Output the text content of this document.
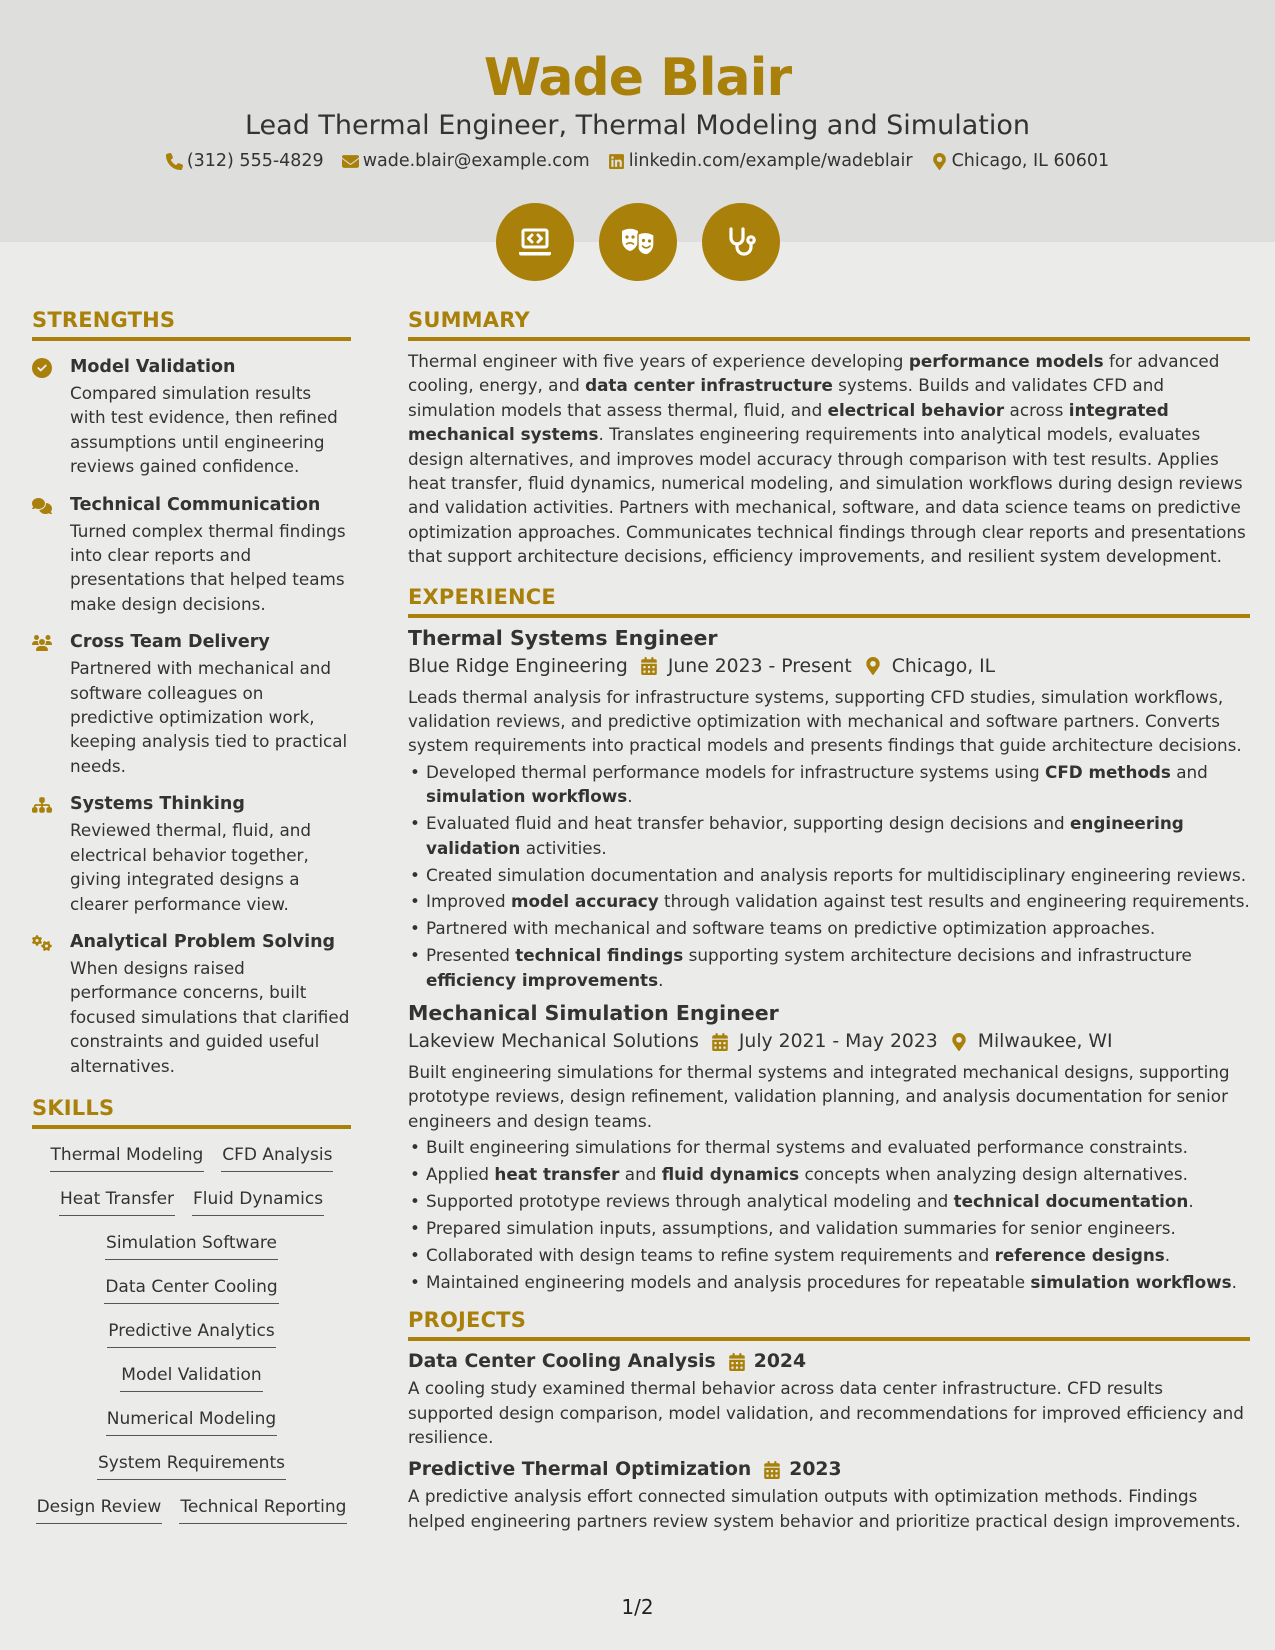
Wade Blair
Lead Thermal Engineer, Thermal Modeling and Simulation
(312) 555-4829 wade.blair@example.com linkedin.com/example/wadeblair Chicago, IL 60601
STRENGTHS
Model Validation
Compared simulation results with test evidence, then refined assumptions until engineering reviews gained confidence.
Technical Communication
Turned complex thermal findings into clear reports and presentations that helped teams make design decisions.
Cross Team Delivery
Partnered with mechanical and software colleagues on predictive optimization work, keeping analysis tied to practical needs.
Systems Thinking
Reviewed thermal, fluid, and electrical behavior together, giving integrated designs a clearer performance view.
Analytical Problem Solving
When designs raised performance concerns, built focused simulations that clarified constraints and guided useful alternatives.
SKILLS
Thermal Modeling CFD Analysis
Heat Transfer Fluid Dynamics
Simulation Software
Data Center Cooling
Predictive Analytics
Model Validation
Numerical Modeling
System Requirements
Design Review Technical Reporting
SUMMARY
Thermal engineer with five years of experience developing performance models for advanced cooling, energy, and data center infrastructure systems. Builds and validates CFD and simulation models that assess thermal, fluid, and electrical behavior across integrated mechanical systems. Translates engineering requirements into analytical models, evaluates design alternatives, and improves model accuracy through comparison with test results. Applies heat transfer, fluid dynamics, numerical modeling, and simulation workflows during design reviews and validation activities. Partners with mechanical, software, and data science teams on predictive optimization approaches. Communicates technical findings through clear reports and presentations that support architecture decisions, efficiency improvements, and resilient system development.
EXPERIENCE
Thermal Systems Engineer
Blue Ridge Engineering June 2023 - Present Chicago, IL
Leads thermal analysis for infrastructure systems, supporting CFD studies, simulation workflows, validation reviews, and predictive optimization with mechanical and software partners. Converts system requirements into practical models and presents findings that guide architecture decisions.
• Developed thermal performance models for infrastructure systems using CFD methods and simulation workflows.
• Evaluated fluid and heat transfer behavior, supporting design decisions and engineering validation activities.
• Created simulation documentation and analysis reports for multidisciplinary engineering reviews.
• Improved model accuracy through validation against test results and engineering requirements.
• Partnered with mechanical and software teams on predictive optimization approaches.
• Presented technical findings supporting system architecture decisions and infrastructure efficiency improvements.
Mechanical Simulation Engineer
Lakeview Mechanical Solutions July 2021 - May 2023 Milwaukee, WI
Built engineering simulations for thermal systems and integrated mechanical designs, supporting prototype reviews, design refinement, validation planning, and analysis documentation for senior engineers and design teams.
• Built engineering simulations for thermal systems and evaluated performance constraints.
• Applied heat transfer and fluid dynamics concepts when analyzing design alternatives.
• Supported prototype reviews through analytical modeling and technical documentation.
• Prepared simulation inputs, assumptions, and validation summaries for senior engineers.
• Collaborated with design teams to refine system requirements and reference designs.
• Maintained engineering models and analysis procedures for repeatable simulation workflows.
PROJECTS
Data Center Cooling Analysis 2024
A cooling study examined thermal behavior across data center infrastructure. CFD results supported design comparison, model validation, and recommendations for improved efficiency and resilience.
Predictive Thermal Optimization 2023
A predictive analysis effort connected simulation outputs with optimization methods. Findings helped engineering partners review system behavior and prioritize practical design improvements.
1/2
